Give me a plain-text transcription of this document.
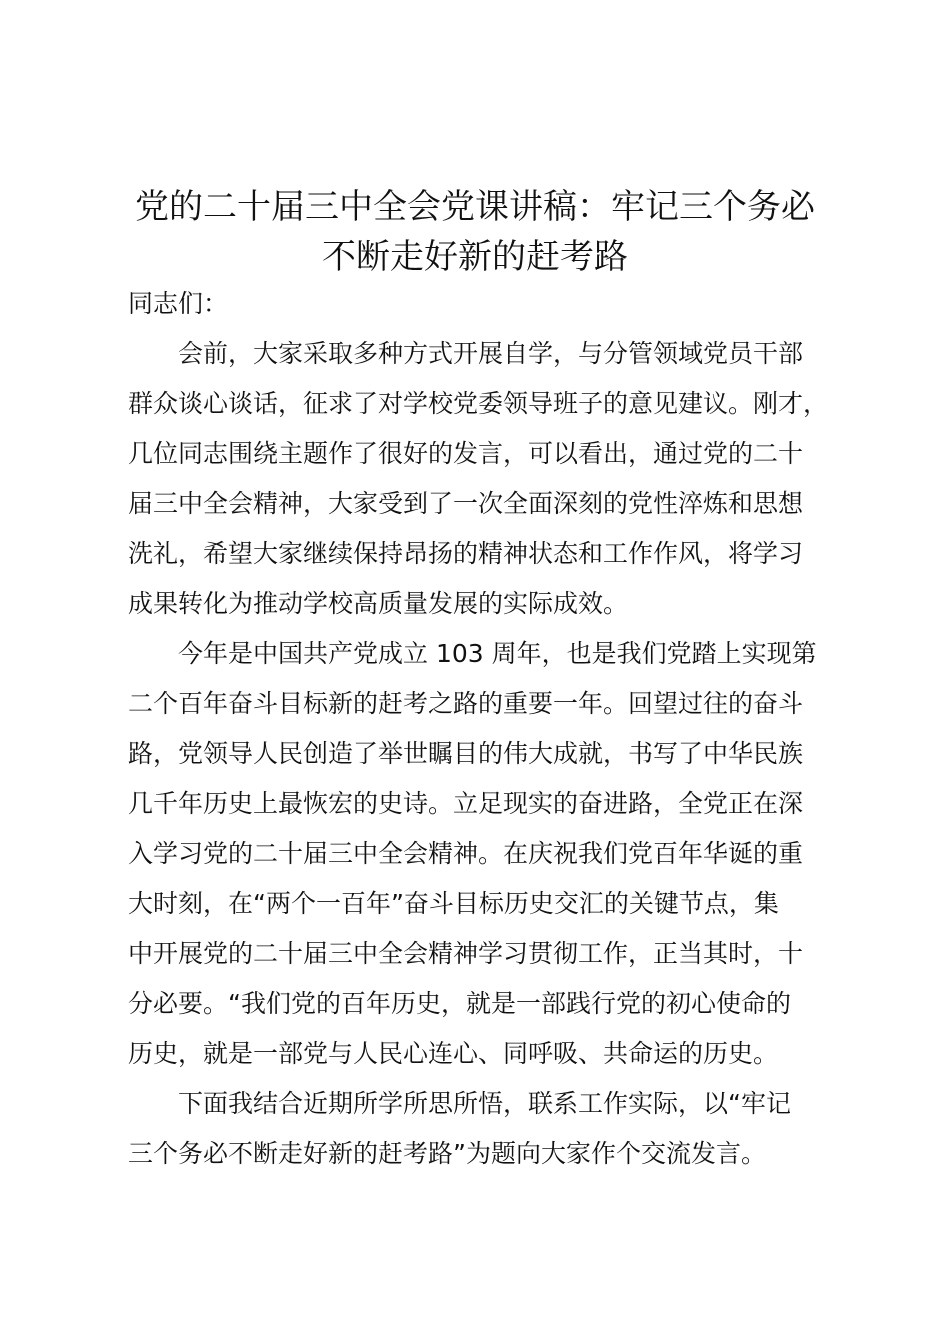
党的二十届三中全会党课讲稿：牢记三个务必
不断走好新的赶考路
同志们：
会前，大家采取多种方式开展自学，与分管领域党员干部
群众谈心谈话，征求了对学校党委领导班子的意见建议。刚才，
几位同志围绕主题作了很好的发言，可以看出，通过党的二十
届三中全会精神，大家受到了一次全面深刻的党性淬炼和思想
洗礼，希望大家继续保持昂扬的精神状态和工作作风，将学习
成果转化为推动学校高质量发展的实际成效。
今年是中国共产党成立 103 周年，也是我们党踏上实现第
二个百年奋斗目标新的赶考之路的重要一年。回望过往的奋斗
路，党领导人民创造了举世瞩目的伟大成就，书写了中华民族
几千年历史上最恢宏的史诗。立足现实的奋进路，全党正在深
入学习党的二十届三中全会精神。在庆祝我们党百年华诞的重
大时刻，在“两个一百年”奋斗目标历史交汇的关键节点，集
中开展党的二十届三中全会精神学习贯彻工作，正当其时，十
分必要。“我们党的百年历史，就是一部践行党的初心使命的
历史，就是一部党与人民心连心、同呼吸、共命运的历史。
下面我结合近期所学所思所悟，联系工作实际，以“牢记
三个务必不断走好新的赶考路”为题向大家作个交流发言。
